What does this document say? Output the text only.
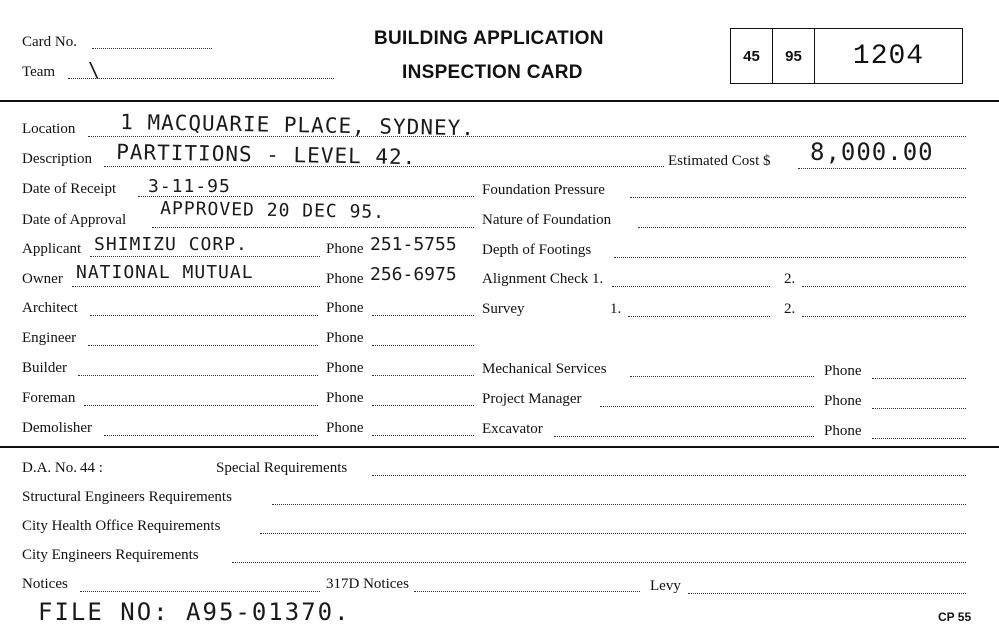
Card No.
Team \
BUILDING APPLICATION
INSPECTION CARD
45 95 1204
Location 1 MACQUARIE PLACE, SYDNEY.
Description PARTITIONS - LEVEL 42.	Estimated Cost $ 8,000.00
Date of Receipt 3-11-95
Date of Approval APPROVED 20 DEC 95.
Applicant SHIMIZU CORP.	Phone 251-5755
Owner NATIONAL MUTUAL	Phone 256-6975
Architect	Phone
Engineer	Phone
Builder	Phone
Foreman	Phone
Demolisher	Phone
Foundation Pressure
Nature of Foundation
Depth of Footings
Alignment Check 1.	2.
Survey	1.	2.
Mechanical Services	Phone
Project Manager	Phone
Excavator	Phone
D.A. No. 44 :	Special Requirements
Structural Engineers Requirements
City Health Office Requirements
City Engineers Requirements
Notices	317D Notices	Levy
FILE NO: A95-01370.	CP 55
